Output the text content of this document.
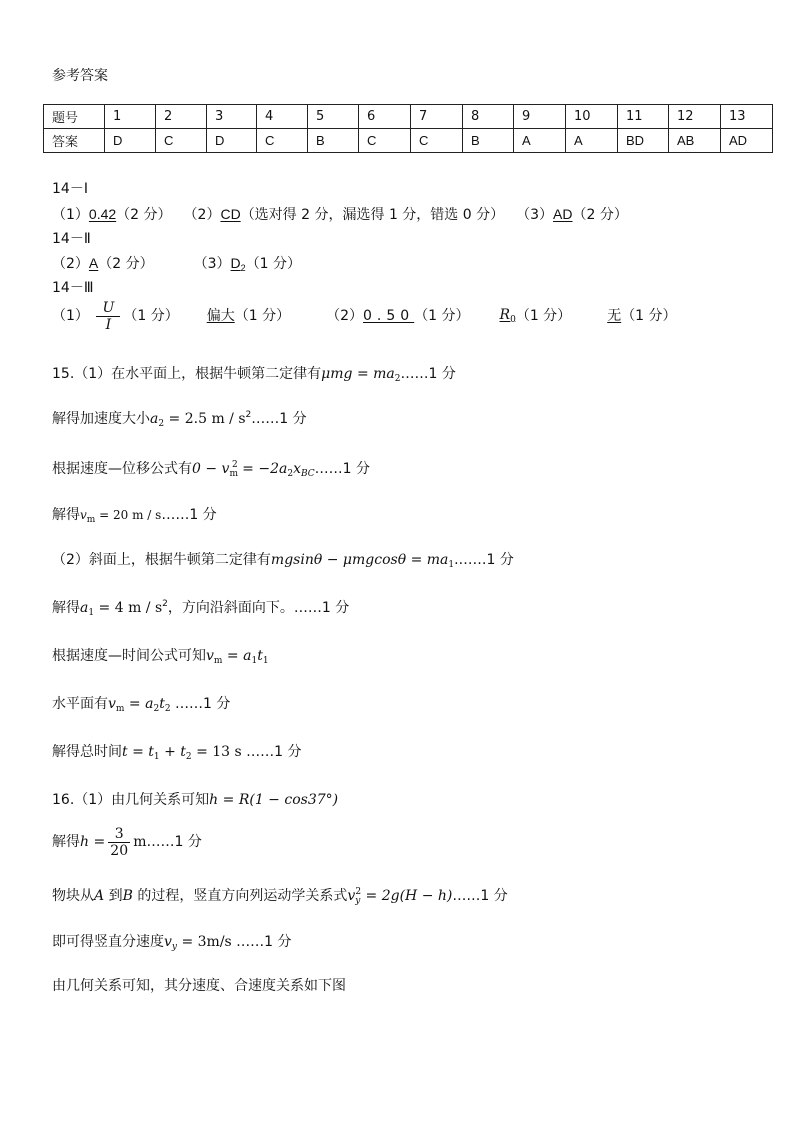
参考答案
题号	1	2	3	4	5	6	7	8	9	10	11	12	13
答案	D	C	D	C	B	C	C	B	A	A	BD	AB	AD
14－Ⅰ
（1）0.42（2 分） （2）CD（选对得 2 分，漏选得 1 分，错选 0 分） （3）AD（2 分）
14－Ⅱ
（2）A（2 分）	$(3)D_2(1$ 分）
14－Ⅲ
$(1) \frac{U}{I} (1$ 分） 偏大（1 分）	（2）0.50（1 分） $R_0(1$ 分）	无（1 分）
15.（1）在水平面上，根据牛顿第二定律有$\mu mg = ma_2\dots\dots 1$ 分
解得加速度大小$a_2 = 2.5$ m / $s^2\dots\dots 1$ 分
根据速度—位移公式有$0 - v_m^2$ = $-2a_2x_{BC}\dots\dots 1$ 分
解得$v_m = 20$ m / s……1 分
（2）斜面上，根据牛顿第二定律有$mgsin\theta - \mu mgcos\theta = ma_1.\dots\dots 1$ 分
解得$a_1 = 4$ m / $s^2$，方向沿斜面向下。……1 分
根据速度—时间公式可知$v_m = a_1t_1$
水平面有$v_m = a_2t_2$ ……1 分
解得总时间$t = t_1 + t_2 = 13$ s ……1 分
16.（1）由几何关系可知h = R(1 − cos37°)
解得$h = \frac{3}{20}$ m……1 分
物块从A 到B 的过程，竖直方向列运动学关系式$v_y^2 = 2g(H$ − h)……1 分
即可得竖直分速度$v_y = 3m/s$ ……1 分
由几何关系可知，其分速度、合速度关系如下图
